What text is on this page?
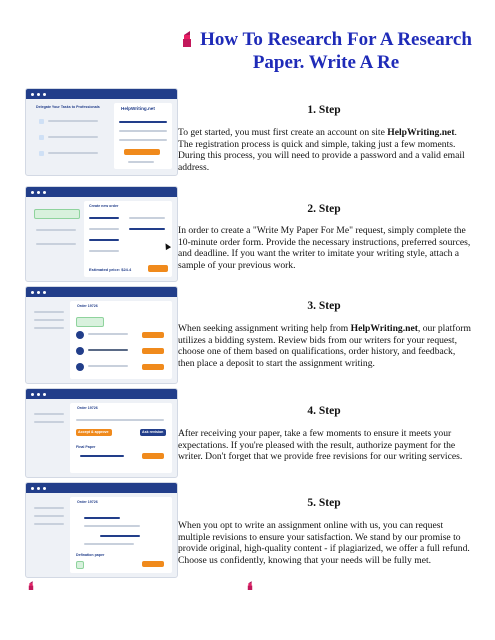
How To Research For A Research Paper. Write A Re
1. Step
To get started, you must first create an account on site HelpWriting.net. The registration process is quick and simple, taking just a few moments. During this process, you will need to provide a password and a valid email address.
2. Step
In order to create a "Write My Paper For Me" request, simply complete the 10-minute order form. Provide the necessary instructions, preferred sources, and deadline. If you want the writer to imitate your writing style, attach a sample of your previous work.
3. Step
When seeking assignment writing help from HelpWriting.net, our platform utilizes a bidding system. Review bids from our writers for your request, choose one of them based on qualifications, order history, and feedback, then place a deposit to start the assignment writing.
4. Step
After receiving your paper, take a few moments to ensure it meets your expectations. If you're pleased with the result, authorize payment for the writer. Don't forget that we provide free revisions for our writing services.
5. Step
When you opt to write an assignment online with us, you can request multiple revisions to ensure your satisfaction. We stand by our promise to provide original, high-quality content - if plagiarized, we offer a full refund. Choose us confidently, knowing that your needs will be fully met.
Delegate Your Tasks to Professionals	HelpWriting.net
Create new order
Estimated price: $24.4
Order 19726
Order 19726
Accept & approve	Ask revision
Final Paper
Order 19726
Defination paper
